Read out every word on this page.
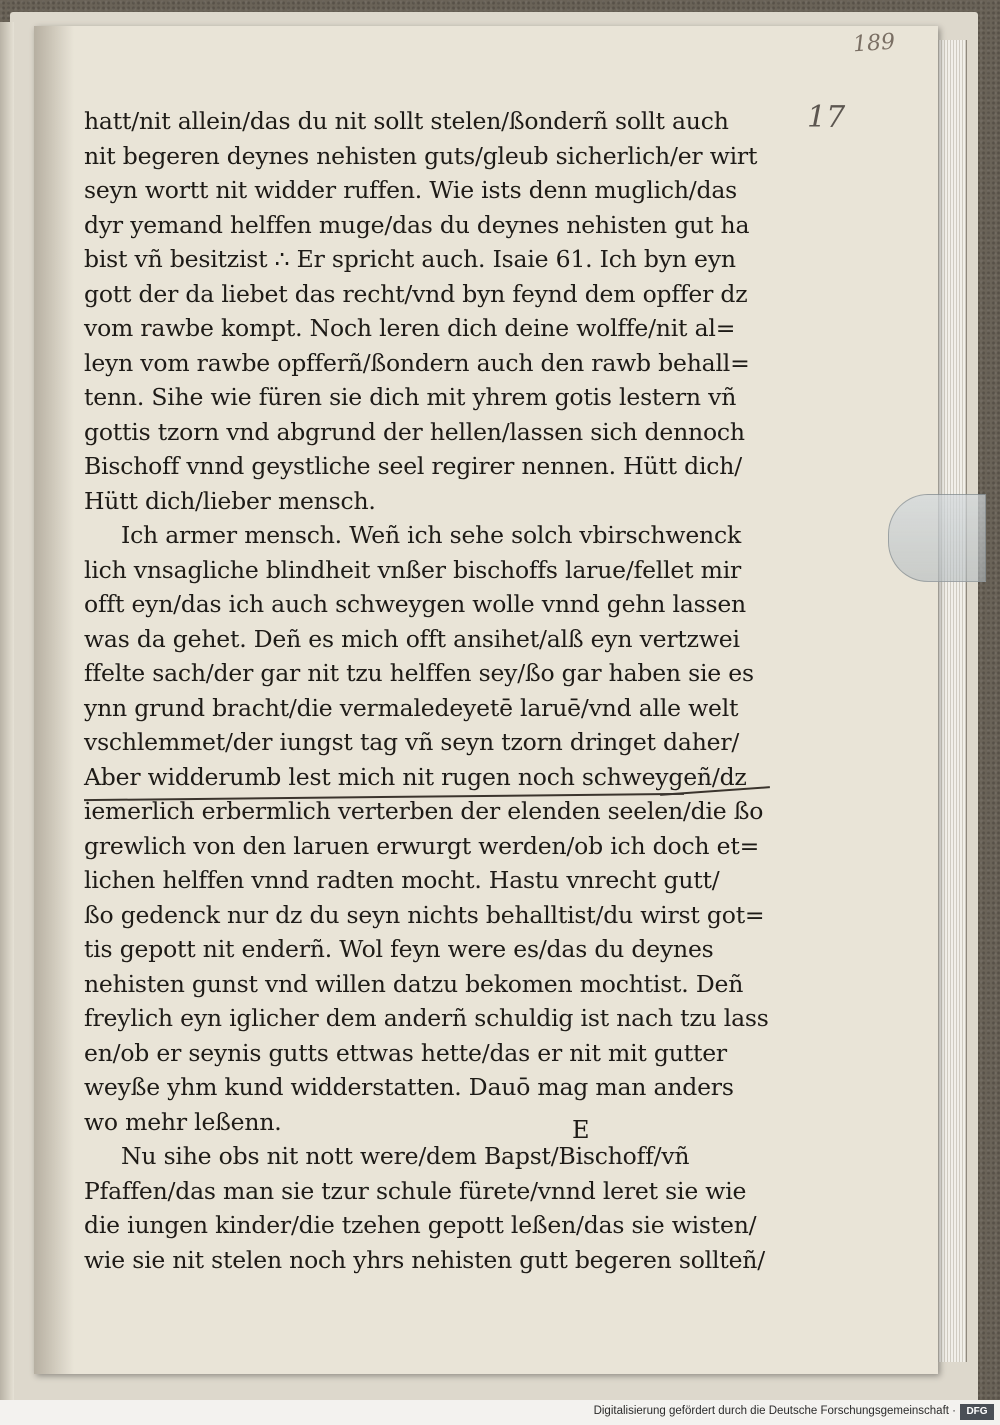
189
17
hatt/nit allein/das du nit sollt stelen/ßonderñ sollt auch
nit begeren deynes nehisten guts/gleub sicherlich/er wirt
seyn wortt nit widder ruffen. Wie ists denn muglich/das
dyr yemand helffen muge/das du deynes nehisten gut ha
bist vñ besitzist ∴ Er spricht auch. Isaie 61. Ich byn eyn
gott der da liebet das recht/vnd byn feynd dem opffer dz
vom rawbe kompt. Noch leren dich deine wolffe/nit al=
leyn vom rawbe opfferñ/ßondern auch den rawb behall=
tenn. Sihe wie füren sie dich mit yhrem gotis lestern vñ
gottis tzorn vnd abgrund der hellen/lassen sich dennoch
Bischoff vnnd geystliche seel regirer nennen. Hütt dich/
Hütt dich/lieber mensch.
Ich armer mensch. Weñ ich sehe solch vbirschwenck
lich vnsagliche blindheit vnßer bischoffs larue/fellet mir
offt eyn/das ich auch schweygen wolle vnnd gehn lassen
was da gehet. Deñ es mich offt ansihet/alß eyn vertzwei
ffelte sach/der gar nit tzu helffen sey/ßo gar haben sie es
ynn grund bracht/die vermaledeyetē laruē/vnd alle welt
vschlemmet/der iungst tag vñ seyn tzorn dringet daher/
Aber widderumb lest mich nit rugen noch schweygeñ/dz
iemerlich erbermlich verterben der elenden seelen/die ßo
grewlich von den laruen erwurgt werden/ob ich doch et=
lichen helffen vnnd radten mocht. Hastu vnrecht gutt/
ßo gedenck nur dz du seyn nichts behalltist/du wirst got=
tis gepott nit enderñ. Wol feyn were es/das du deynes
nehisten gunst vnd willen datzu bekomen mochtist. Deñ
freylich eyn iglicher dem anderñ schuldig ist nach tzu lass
en/ob er seynis gutts ettwas hette/das er nit mit gutter
weyße yhm kund widderstatten. Dauō mag man anders
wo mehr leßenn.
Nu sihe obs nit nott were/dem Bapst/Bischoff/vñ
Pfaffen/das man sie tzur schule fürete/vnnd leret sie wie
die iungen kinder/die tzehen gepott leßen/das sie wisten/
wie sie nit stelen noch yhrs nehisten gutt begeren sollteñ/
E
Digitalisierung gefördert durch die Deutsche Forschungsgemeinschaft ·	DFG
